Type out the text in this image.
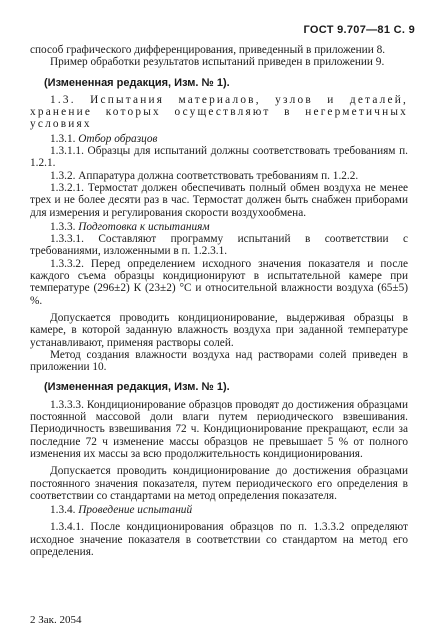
ГОСТ 9.707—81 С. 9

способ графического дифференцирования, приведенный в приложении 8.

Пример обработки результатов испытаний приведен в приложении 9.

(Измененная редакция, Изм. № 1).

1.3. Испытания материалов, узлов и деталей, хранение которых осуществляют в негерметичных условиях

1.3.1. Отбор образцов

1.3.1.1. Образцы для испытаний должны соответствовать требованиям п. 1.2.1.

1.3.2. Аппаратура должна соответствовать требованиям п. 1.2.2.

1.3.2.1. Термостат должен обеспечивать полный обмен воздуха не менее трех и не более десяти раз в час. Термостат должен быть снабжен приборами для измерения и регулирования скорости воздухообмена.

1.3.3. Подготовка к испытаниям

1.3.3.1. Составляют программу испытаний в соответствии с требованиями, изложенными в п. 1.2.3.1.

1.3.3.2. Перед определением исходного значения показателя и после каждого съема образцы кондиционируют в испытательной камере при температуре (296±2) К (23±2) °С и относительной влажности воздуха (65±5) %.

Допускается проводить кондиционирование, выдерживая образцы в камере, в которой заданную влажность воздуха при заданной температуре устанавливают, применяя растворы солей.

Метод создания влажности воздуха над растворами солей приведен в приложении 10.

(Измененная редакция, Изм. № 1).

1.3.3.3. Кондиционирование образцов проводят до достижения образцами постоянной массовой доли влаги путем периодического взвешивания. Периодичность взвешивания 72 ч. Кондиционирование прекращают, если за последние 72 ч изменение массы образцов не превышает 5 % от полного изменения их массы за всю продолжительность кондиционирования.

Допускается проводить кондиционирование до достижения образцами постоянного значения показателя, путем периодического его определения в соответствии со стандартами на метод определения показателя.

1.3.4. Проведение испытаний

1.3.4.1. После кондиционирования образцов по п. 1.3.3.2 определяют исходное значение показателя в соответствии со стандартом на метод его определения.

2 Зак. 2054
